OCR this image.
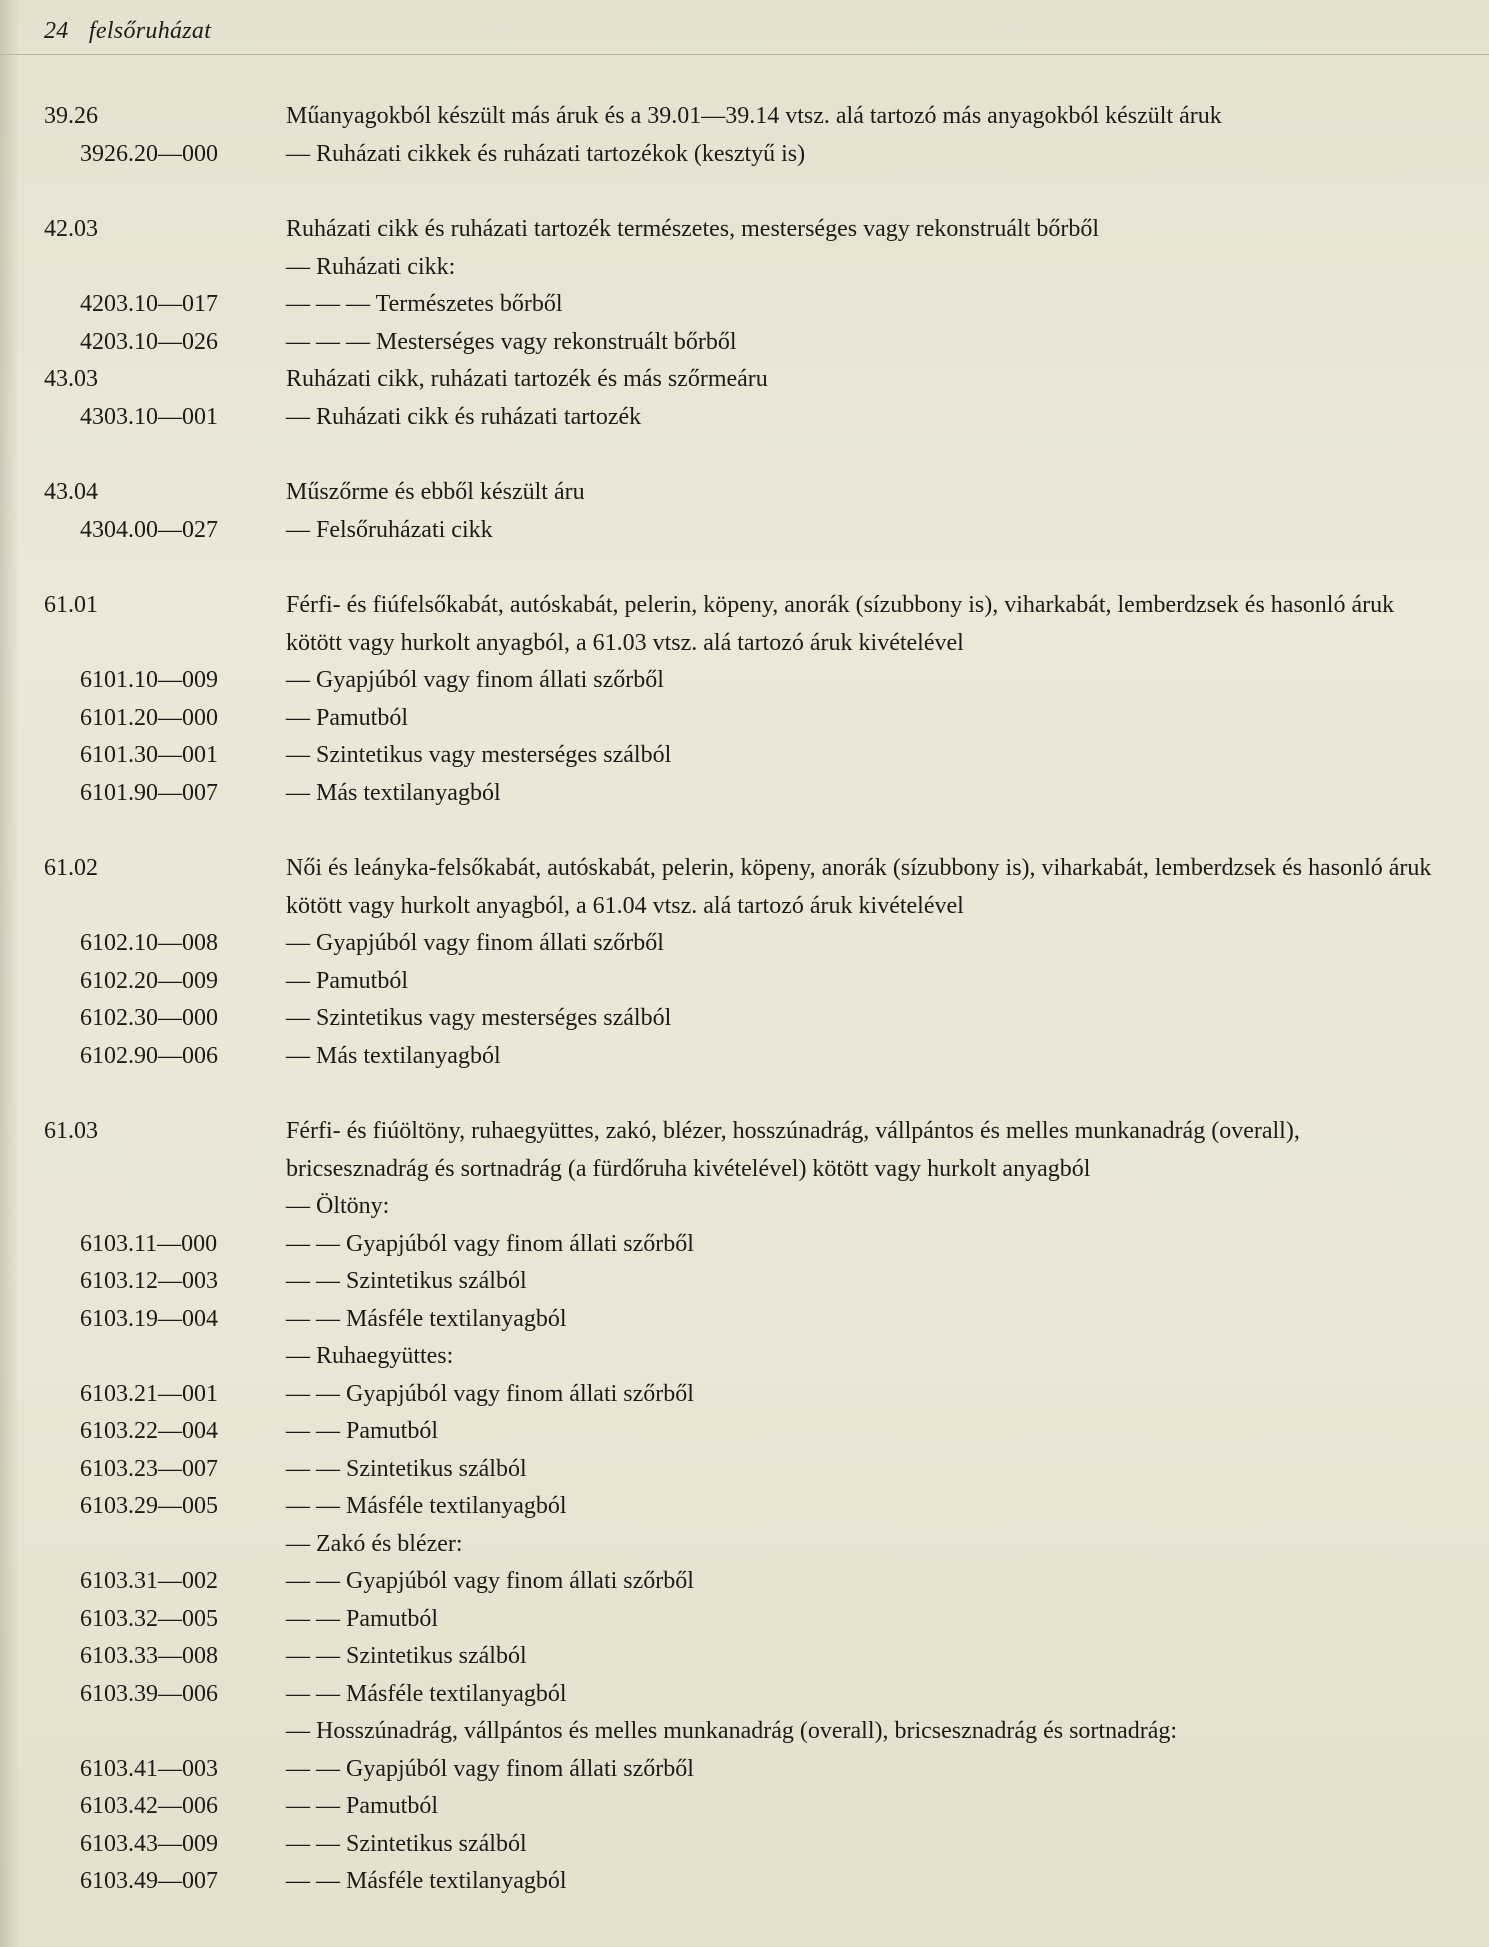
24 felsőruházat
39.26	Műanyagokból készült más áruk és a 39.01—39.14 vtsz. alá tartozó más anyagokból készült áruk
3926.20—000	— Ruházati cikkek és ruházati tartozékok (kesztyű is)
42.03	Ruházati cikk és ruházati tartozék természetes, mesterséges vagy rekonstruált bőrből
— Ruházati cikk:
4203.10—017	— — — Természetes bőrből
4203.10—026	— — — Mesterséges vagy rekonstruált bőrből
43.03	Ruházati cikk, ruházati tartozék és más szőrmeáru
4303.10—001	— Ruházati cikk és ruházati tartozék
43.04	Műszőrme és ebből készült áru
4304.00—027	— Felsőruházati cikk
61.01	Férfi- és fiúfelsőkabát, autóskabát, pelerin, köpeny, anorák (sízubbony is), viharkabát, lemberdzsek és hasonló áruk kötött vagy hurkolt anyagból, a 61.03 vtsz. alá tartozó áruk kivételével
6101.10—009	— Gyapjúból vagy finom állati szőrből
6101.20—000	— Pamutból
6101.30—001	— Szintetikus vagy mesterséges szálból
6101.90—007	— Más textilanyagból
61.02	Női és leányka-felsőkabát, autóskabát, pelerin, köpeny, anorák (sízubbony is), viharkabát, lemberdzsek és hasonló áruk kötött vagy hurkolt anyagból, a 61.04 vtsz. alá tartozó áruk kivételével
6102.10—008	— Gyapjúból vagy finom állati szőrből
6102.20—009	— Pamutból
6102.30—000	— Szintetikus vagy mesterséges szálból
6102.90—006	— Más textilanyagból
61.03	Férfi- és fiúöltöny, ruhaegyüttes, zakó, blézer, hosszúnadrág, vállpántos és melles munkanadrág (overall), bricsesznadrág és sortnadrág (a fürdőruha kivételével) kötött vagy hurkolt anyagból
— Öltöny:
6103.11—000	— — Gyapjúból vagy finom állati szőrből
6103.12—003	— — Szintetikus szálból
6103.19—004	— — Másféle textilanyagból
— Ruhaegyüttes:
6103.21—001	— — Gyapjúból vagy finom állati szőrből
6103.22—004	— — Pamutból
6103.23—007	— — Szintetikus szálból
6103.29—005	— — Másféle textilanyagból
— Zakó és blézer:
6103.31—002	— — Gyapjúból vagy finom állati szőrből
6103.32—005	— — Pamutból
6103.33—008	— — Szintetikus szálból
6103.39—006	— — Másféle textilanyagból
— Hosszúnadrág, vállpántos és melles munkanadrág (overall), bricsesznadrág és sortnadrág:
6103.41—003	— — Gyapjúból vagy finom állati szőrből
6103.42—006	— — Pamutból
6103.43—009	— — Szintetikus szálból
6103.49—007	— — Másféle textilanyagból
